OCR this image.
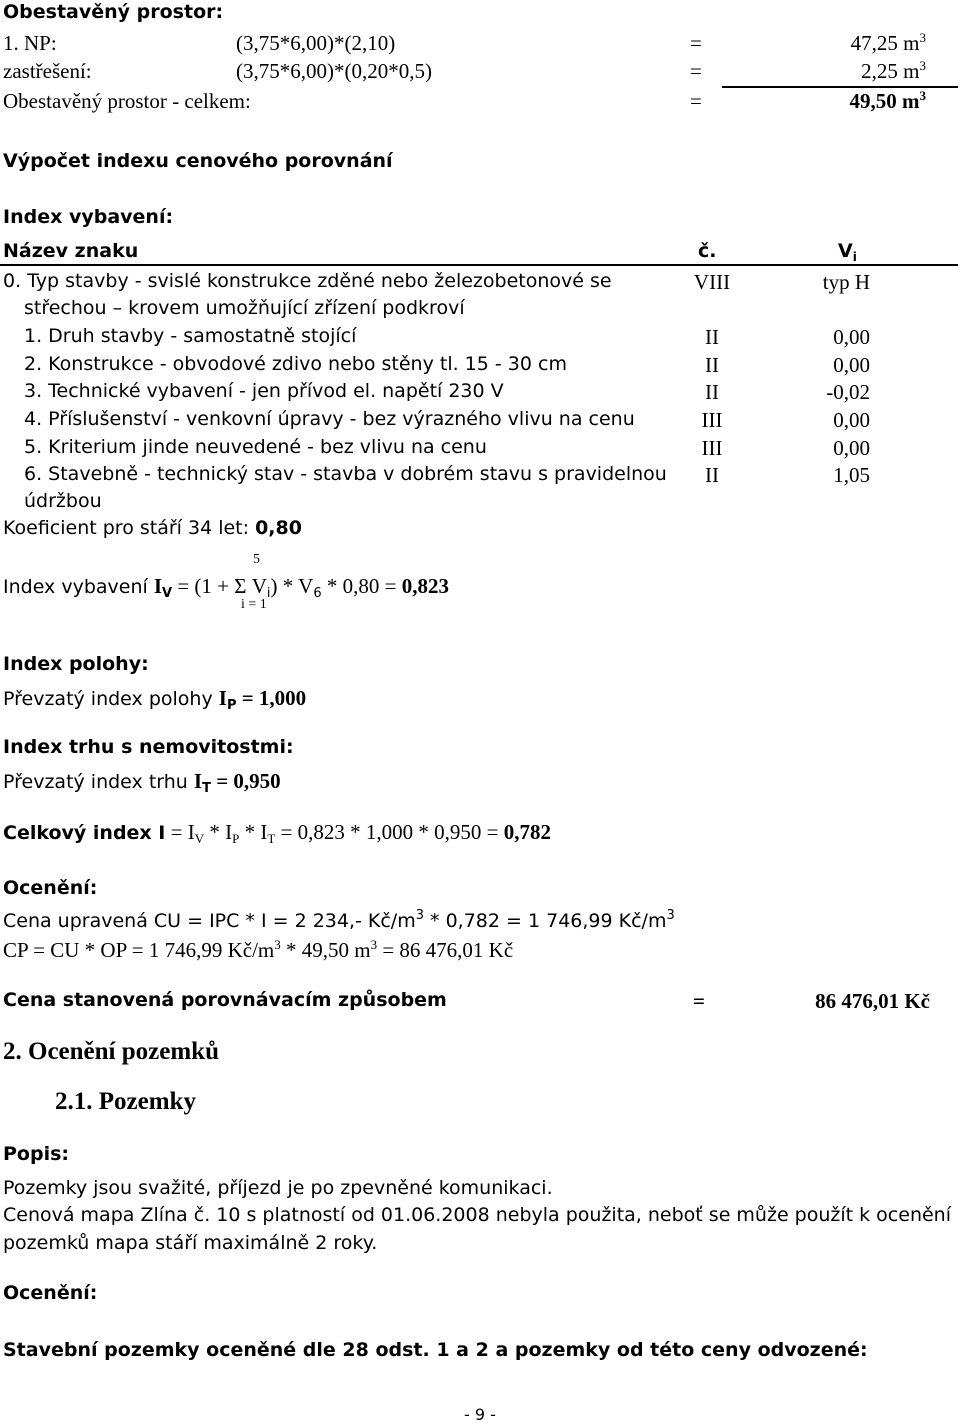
Obestavěný prostor:
1. NP:	(3,75*6,00)*(2,10)	=	47,25 $m^3$
zastřešení:	(3,75*6,00)*(0,20*0,5)	=	2,25 $m^3$
Obestavěný prostor - celkem:	=	49,50 $m^3$
Výpočet indexu cenového porovnání
Index vybavení:
Název znaku	č.	$V_i$
0. Typ stavby - svislé konstrukce zděné nebo železobetonové se
střechou – krovem umožňující zřízení podkroví
VIII	typ H
1. Druh stavby - samostatně stojící	II	0,00
2. Konstrukce - obvodové zdivo nebo stěny tl. 15 - 30 cm	II	0,00
3. Technické vybavení - jen přívod el. napětí 230 V	II	-0,02
4. Příslušenství - venkovní úpravy - bez výrazného vlivu na cenu	III	0,00
5. Kriterium jinde neuvedené - bez vlivu na cenu	III	0,00
6. Stavebně - technický stav - stavba v dobrém stavu s pravidelnou
údržbou
II	1,05
Koeficient pro stáří 34 let: 0,80
5
Index vybavení $I_V = (1 + \Sigma$ $V_i) * V_6 * 0,80 = 0,823$
i = 1
Index polohy:
Převzatý index polohy $I_P = 1,000$
Index trhu s nemovitostmi:
Převzatý index trhu $I_T = 0,950$
Celkový index $I = I_V * I_P * I_T = 0,823 * 1,000 * 0,950 = 0,782$
Ocenění:
Cena upravená CU = IPC * I = 2 234,- $Kč/m^3 * 0,782 = 1$ 746,99 $Kč/m^3$
CP = CU * OP = 1 746,99 $Kč/m^3 * 49,50$ $m^3 = 86$ 476,01 Kč
Cena stanovená porovnávacím způsobem	=	86 476,01 Kč
2. Ocenění pozemků
2.1. Pozemky
Popis:
Pozemky jsou svažité, příjezd je po zpevněné komunikaci.
Cenová mapa Zlína č. 10 s platností od 01.06.2008 nebyla použita, neboť se může použít k ocenění
pozemků mapa stáří maximálně 2 roky.
Ocenění:
Stavební pozemky oceněné dle 28 odst. 1 a 2 a pozemky od této ceny odvozené:
- 9 -
